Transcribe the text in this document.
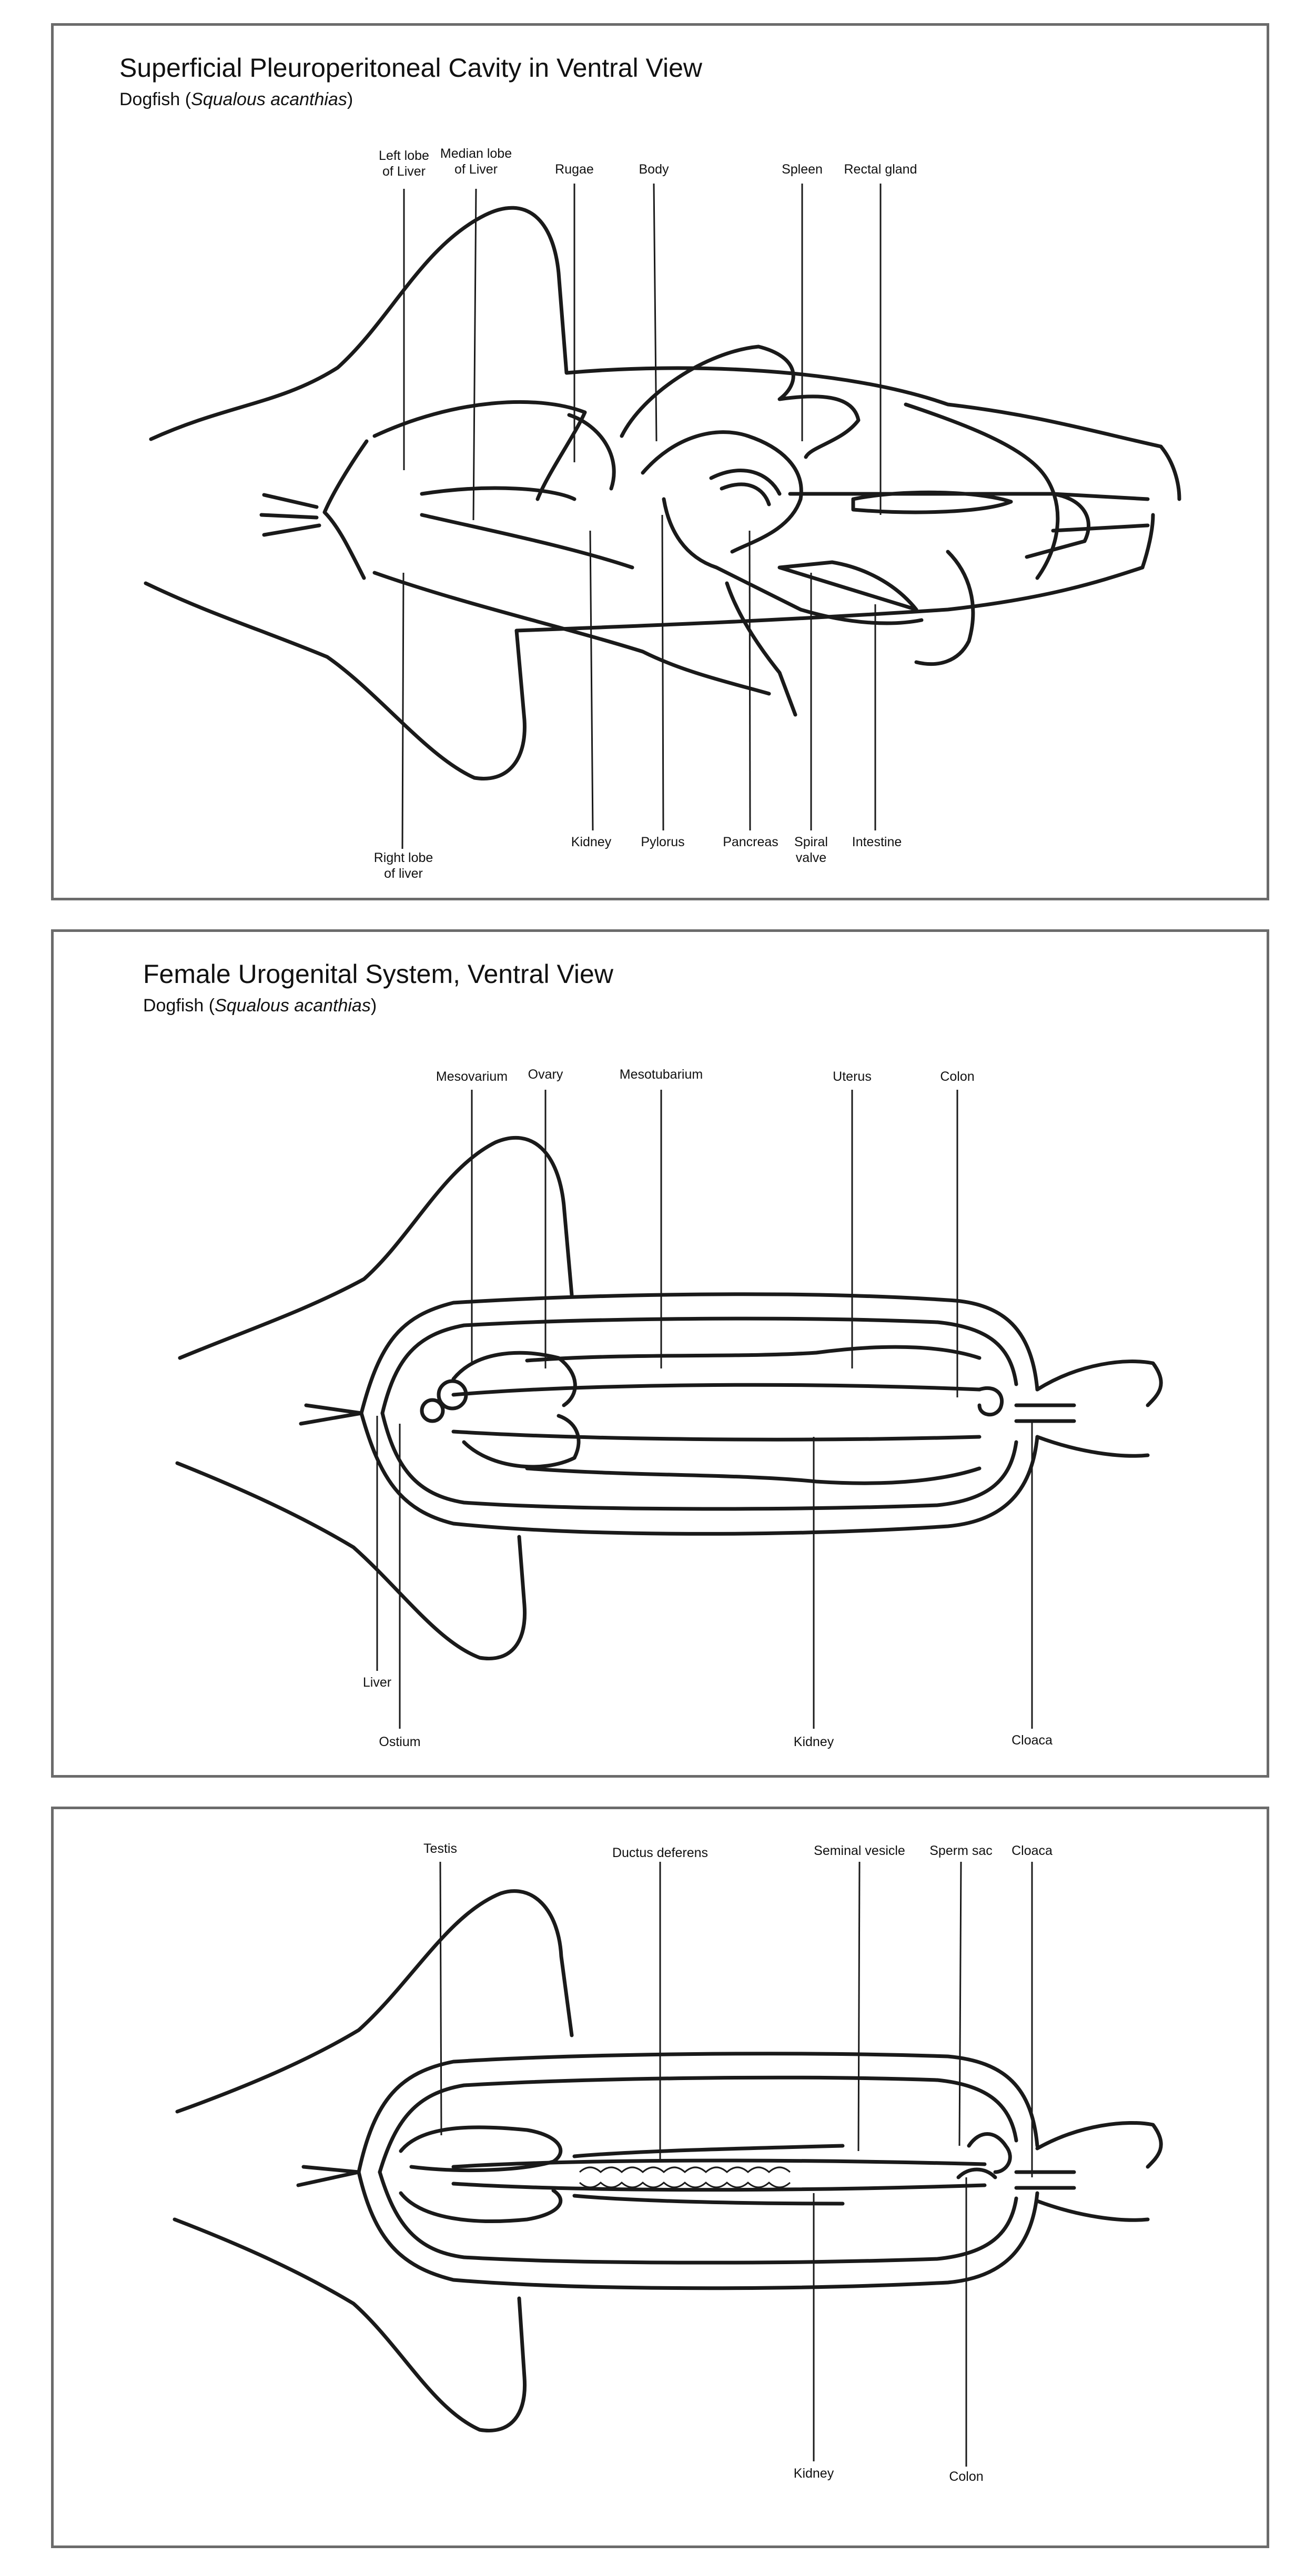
Superficial Pleuroperitoneal Cavity in Ventral View
Dogfish (Squalous acanthias)
Left lobe
of Liver
Median lobe
of Liver	Rugae	Body	Spleen Rectal gland
Right lobe
of liver
Kidney Pylorus	Pancreas Spiral
valve
Intestine
Female Urogenital System, Ventral View
Dogfish (Squalous acanthias)
Mesovarium Ovary	Mesotubarium	Uterus	Colon
Liver
Ostium	Kidney	Cloaca
Testis	Ductus deferens	Seminal vesicle Sperm sac Cloaca
Kidney	Colon
